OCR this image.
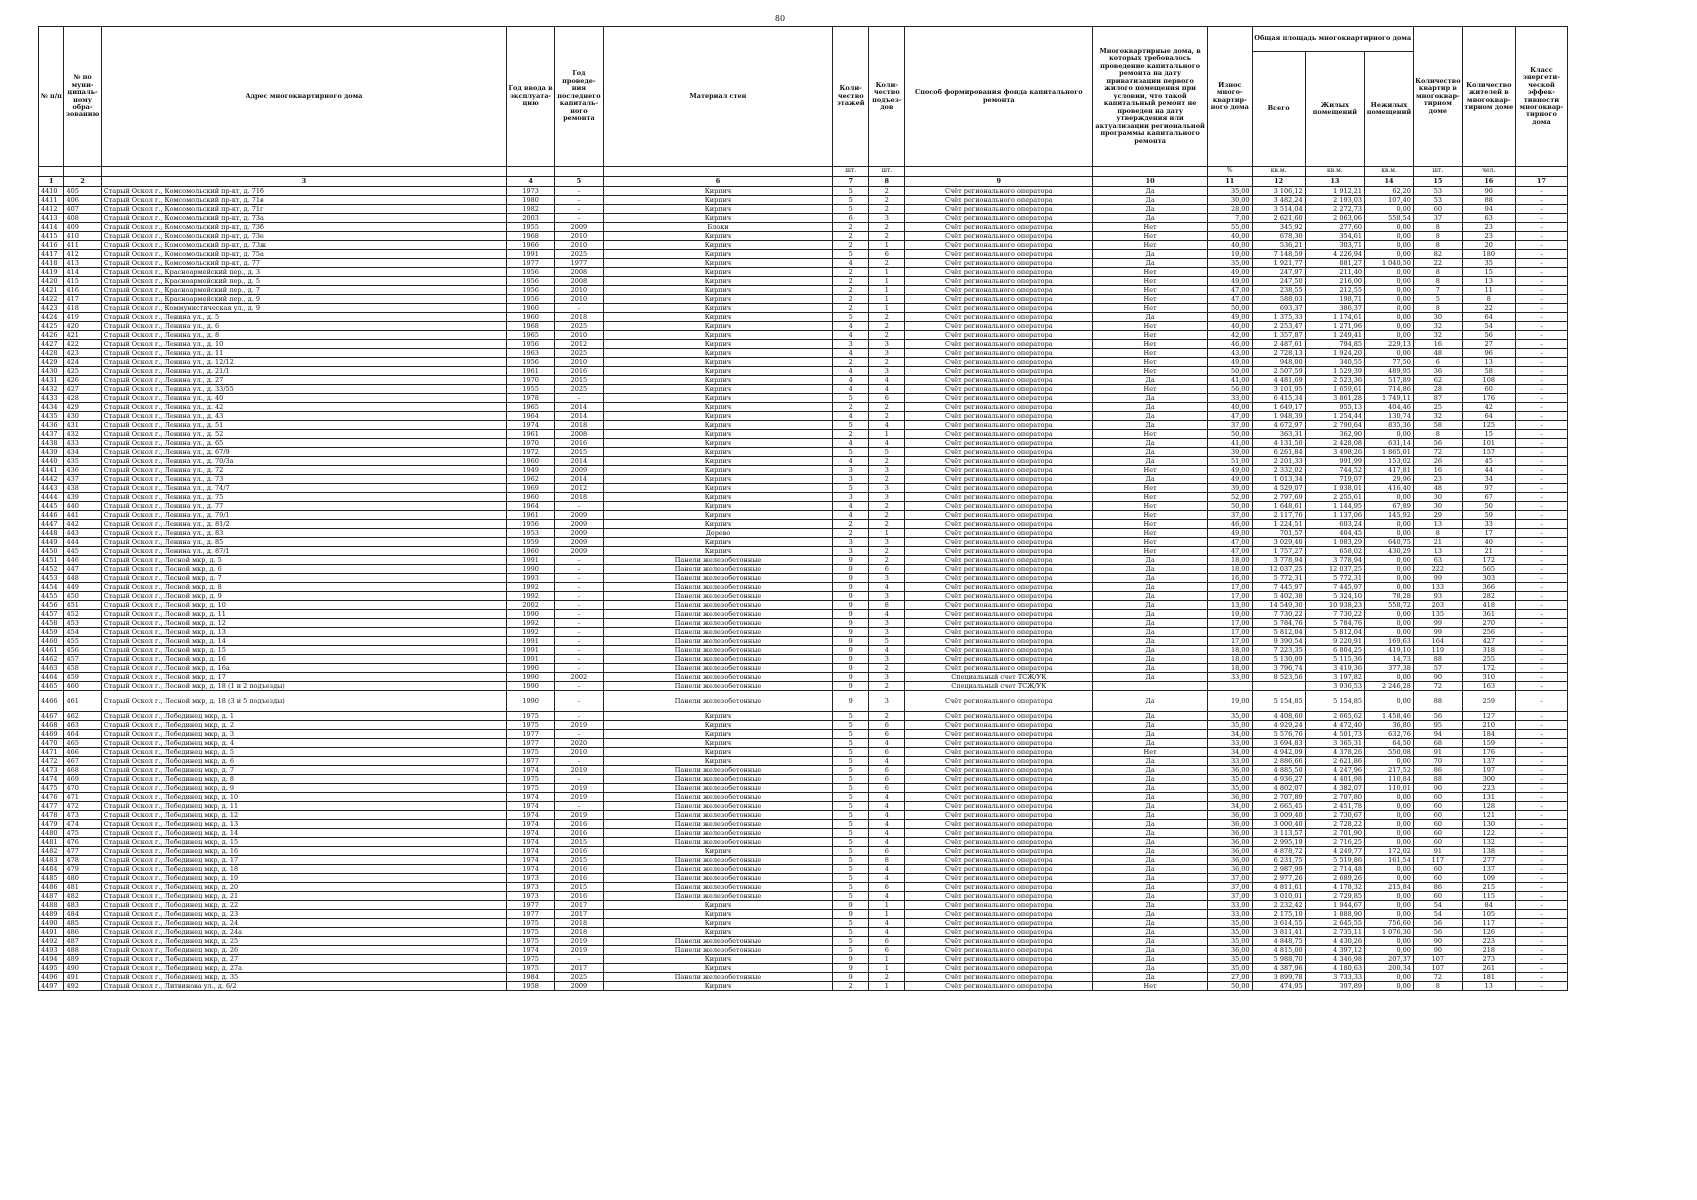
80
№ п/п	№ по муни-ципаль-ному обра-зованию	Адрес многоквартирного дома	Год ввода в эксплуата-цию	Год проведе-ния последнего капиталь-ного ремонта	Материал стен	Коли-чество этажей	Коли-чество подъез-дов	Способ формирования фонда капитального ремонта	Многоквартирные дома, в которых требовалось проведение капитального ремонта на дату приватизации первого жилого помещения при условии, что такой капитальный ремонт не проведен на дату утверждения или актуализации региональной программы капитального ремонта	Износ много-квартир-ного дома	Общая площадь многоквартирного дома			Количество квартир в многоквар-тирном доме	Количество жителей в многоквар-тирном доме	Класс энергети-ческой эффек-тивности многоквар-тирного дома
											Всего	Жилых помещений	Нежилых помещений			
						шт.	шт.			%	кв.м.	кв.м.	кв.м.	шт.	чел.	
1	2	3	4	5	6	7	8	9	10	11	12	13	14	15	16	17
4410	405	Старый Оскол г., Комсомольский пр-кт, д. 71б	1973	-	Кирпич	5	2	Счёт регионального оператора	Да	35,00	3 106,12	1 912,21	62,20	53	90	-
4411	406	Старый Оскол г., Комсомольский пр-кт, д. 71в	1980	-	Кирпич	5	2	Счёт регионального оператора	Да	30,00	3 482,24	2 193,03	107,40	53	88	-
4412	407	Старый Оскол г., Комсомольский пр-кт, д. 71г	1982	-	Кирпич	5	2	Счёт регионального оператора	Да	28,00	3 514,04	2 272,73	0,00	60	94	-
4413	408	Старый Оскол г., Комсомольский пр-кт, д. 73а	2003	-	Кирпич	6	3	Счёт регионального оператора	Да	7,00	2 621,60	2 063,06	558,54	37	63	-
4414	409	Старый Оскол г., Комсомольский пр-кт, д. 73б	1955	2009	Блоки	2	2	Счёт регионального оператора	Нет	55,00	345,92	277,60	0,00	8	23	-
4415	410	Старый Оскол г., Комсомольский пр-кт, д. 73е	1968	2010	Кирпич	2	2	Счёт регионального оператора	Нет	40,00	678,30	354,61	0,00	8	23	-
4416	411	Старый Оскол г., Комсомольский пр-кт, д. 73ж	1966	2010	Кирпич	2	1	Счёт регионального оператора	Нет	40,00	536,21	303,71	0,00	8	20	-
4417	412	Старый Оскол г., Комсомольский пр-кт, д. 75а	1991	2025	Кирпич	5	6	Счёт регионального оператора	Да	19,00	7 148,59	4 226,94	0,00	82	180	-
4418	413	Старый Оскол г., Комсомольский пр-кт, д. 77	1977	1977	Кирпич	4	2	Счёт регионального оператора	Да	35,00	1 921,77	881,27	1 040,50	22	35	-
4419	414	Старый Оскол г., Красноармейский пер., д. 3	1956	2008	Кирпич	2	1	Счёт регионального оператора	Нет	49,00	247,97	211,40	0,00	8	15	-
4420	415	Старый Оскол г., Красноармейский пер., д. 5	1956	2008	Кирпич	2	1	Счёт регионального оператора	Нет	49,00	247,50	216,00	0,00	8	13	-
4421	416	Старый Оскол г., Красноармейский пер., д. 7	1956	2010	Кирпич	2	1	Счёт регионального оператора	Нет	47,00	238,55	212,55	0,00	7	11	-
4422	417	Старый Оскол г., Красноармейский пер., д. 9	1956	2010	Кирпич	2	1	Счёт регионального оператора	Нет	47,00	588,03	198,71	0,00	5	8	-
4423	418	Старый Оскол г., Коммунистическая ул., д. 9	1960	-	Кирпич	2	1	Счёт регионального оператора	Нет	50,00	693,37	386,37	0,00	8	22	-
4424	419	Старый Оскол г., Ленина ул., д. 5	1960	2018	Кирпич	5	2	Счёт регионального оператора	Да	49,00	1 375,33	1 174,61	0,00	30	64	-
4425	420	Старый Оскол г., Ленина ул., д. 6	1968	2025	Кирпич	4	2	Счёт регионального оператора	Нет	40,00	2 253,47	1 271,96	0,00	32	54	-
4426	421	Старый Оскол г., Ленина ул., д. 8	1965	2010	Кирпич	4	2	Счёт регионального оператора	Нет	42,00	1 357,87	1 249,41	0,00	32	56	-
4427	422	Старый Оскол г., Ленина ул., д. 10	1956	2012	Кирпич	3	3	Счёт регионального оператора	Нет	46,00	2 487,61	794,85	229,13	16	27	-
4428	423	Старый Оскол г., Ленина ул., д. 11	1963	2025	Кирпич	4	3	Счёт регионального оператора	Нет	43,00	2 728,13	1 924,20	0,00	48	96	-
4429	424	Старый Оскол г., Ленина ул., д. 12/12	1956	2010	Кирпич	2	2	Счёт регионального оператора	Нет	49,00	948,00	340,55	77,50	6	13	-
4430	425	Старый Оскол г., Ленина ул., д. 21/1	1961	2016	Кирпич	4	3	Счёт регионального оператора	Нет	50,00	2 507,59	1 529,39	489,95	36	58	-
4431	426	Старый Оскол г., Ленина ул., д. 27	1970	2015	Кирпич	4	4	Счёт регионального оператора	Да	41,00	4 481,69	2 523,36	517,89	62	108	-
4432	427	Старый Оскол г., Ленина ул., д. 33/55	1955	2025	Кирпич	4	4	Счёт регионального оператора	Нет	56,00	3 101,95	1 659,61	714,86	28	60	-
4433	428	Старый Оскол г., Ленина ул., д. 40	1978	-	Кирпич	5	6	Счёт регионального оператора	Да	33,00	6 415,34	3 861,28	1 749,11	87	176	-
4434	429	Старый Оскол г., Ленина ул., д. 42	1965	2014	Кирпич	2	2	Счёт регионального оператора	Да	40,00	1 649,17	955,13	404,46	25	42	-
4435	430	Старый Оскол г., Ленина ул., д. 43	1964	2014	Кирпич	4	2	Счёт регионального оператора	Да	47,00	1 948,39	1 254,44	130,74	32	64	-
4436	431	Старый Оскол г., Ленина ул., д. 51	1974	2018	Кирпич	5	4	Счёт регионального оператора	Да	37,00	4 672,97	2 790,64	835,36	58	125	-
4437	432	Старый Оскол г., Ленина ул., д. 52	1961	2008	Кирпич	2	1	Счёт регионального оператора	Нет	50,00	363,31	362,90	0,00	8	15	-
4438	433	Старый Оскол г., Ленина ул., д. 65	1970	2016	Кирпич	4	4	Счёт регионального оператора	Да	41,00	4 131,50	2 428,08	631,14	56	101	-
4439	434	Старый Оскол г., Ленина ул., д. 67/9	1972	2015	Кирпич	5	5	Счёт регионального оператора	Да	39,00	6 261,84	3 498,26	1 865,01	72	157	-
4440	435	Старый Оскол г., Ленина ул., д. 70/3а	1960	2014	Кирпич	4	2	Счёт регионального оператора	Да	51,00	2 201,33	991,99	153,02	26	45	-
4441	436	Старый Оскол г., Ленина ул., д. 72	1949	2009	Кирпич	3	3	Счёт регионального оператора	Нет	49,00	2 332,02	744,52	417,81	16	44	-
4442	437	Старый Оскол г., Ленина ул., д. 73	1962	2014	Кирпич	3	2	Счёт регионального оператора	Да	49,00	1 013,34	719,07	29,96	23	34	-
4443	438	Старый Оскол г., Ленина ул., д. 74/7	1969	2012	Кирпич	5	3	Счёт регионального оператора	Нет	39,00	4 529,07	1 938,01	416,40	48	97	-
4444	439	Старый Оскол г., Ленина ул., д. 75	1960	2018	Кирпич	3	3	Счёт регионального оператора	Нет	52,00	2 797,69	2 255,61	0,00	30	67	-
4445	440	Старый Оскол г., Ленина ул., д. 77	1964	-	Кирпич	4	2	Счёт регионального оператора	Нет	50,00	1 648,61	1 144,95	67,89	30	50	-
4446	441	Старый Оскол г., Ленина ул., д. 79/1	1961	2009	Кирпич	4	2	Счёт регионального оператора	Нет	37,00	2 117,76	1 137,06	145,92	29	59	-
4447	442	Старый Оскол г., Ленина ул., д. 81/2	1956	2009	Кирпич	2	2	Счёт регионального оператора	Нет	46,00	1 224,51	603,24	0,00	13	33	-
4448	443	Старый Оскол г., Ленина ул., д. 83	1953	2009	Дерево	2	1	Счёт регионального оператора	Нет	49,00	701,57	404,45	0,00	8	17	-
4449	444	Старый Оскол г., Ленина ул., д. 85	1959	2009	Кирпич	3	3	Счёт регионального оператора	Нет	47,00	3 029,40	1 083,29	640,75	21	40	-
4450	445	Старый Оскол г., Ленина ул., д. 87/1	1960	2009	Кирпич	3	2	Счёт регионального оператора	Нет	47,00	1 757,27	658,02	430,29	13	21	-
4451	446	Старый Оскол г., Лесной мкр, д. 5	1991	-	Панели железобетонные	9	2	Счёт регионального оператора	Да	18,00	3 778,94	3 778,94	0,00	63	172	-
4452	447	Старый Оскол г., Лесной мкр, д. 6	1990	-	Панели железобетонные	9	6	Счёт регионального оператора	Да	18,00	12 037,25	12 037,25	0,00	222	565	-
4453	448	Старый Оскол г., Лесной мкр, д. 7	1993	-	Панели железобетонные	9	3	Счёт регионального оператора	Да	16,00	5 772,31	5 772,31	0,00	99	303	-
4454	449	Старый Оскол г., Лесной мкр, д. 8	1992	-	Панели железобетонные	9	4	Счёт регионального оператора	Да	17,00	7 445,97	7 445,97	0,00	133	366	-
4455	450	Старый Оскол г., Лесной мкр, д. 9	1992	-	Панели железобетонные	9	3	Счёт регионального оператора	Да	17,00	5 402,38	5 324,10	78,28	93	282	-
4456	451	Старый Оскол г., Лесной мкр, д. 10	2002	-	Панели железобетонные	9	8	Счёт регионального оператора	Да	13,00	14 549,30	10 938,23	558,72	203	418	-
4457	452	Старый Оскол г., Лесной мкр, д. 11	1990	-	Панели железобетонные	9	4	Счёт регионального оператора	Да	19,00	7 730,22	7 730,22	0,00	135	361	-
4458	453	Старый Оскол г., Лесной мкр, д. 12	1992	-	Панели железобетонные	9	3	Счёт регионального оператора	Да	17,00	5 784,76	5 784,76	0,00	99	270	-
4459	454	Старый Оскол г., Лесной мкр, д. 13	1992	-	Панели железобетонные	9	3	Счёт регионального оператора	Да	17,00	5 812,04	5 812,04	0,00	99	256	-
4460	455	Старый Оскол г., Лесной мкр, д. 14	1991	-	Панели железобетонные	9	5	Счёт регионального оператора	Да	17,00	9 390,54	9 220,91	169,63	164	427	-
4461	456	Старый Оскол г., Лесной мкр, д. 15	1991	-	Панели железобетонные	9	4	Счёт регионального оператора	Да	18,00	7 223,35	6 804,25	419,10	119	318	-
4462	457	Старый Оскол г., Лесной мкр, д. 16	1991	-	Панели железобетонные	9	3	Счёт регионального оператора	Да	18,00	5 130,09	5 115,36	14,73	88	255	-
4463	458	Старый Оскол г., Лесной мкр, д. 16а	1990	-	Панели железобетонные	9	2	Счёт регионального оператора	Да	18,00	3 796,74	3 419,36	377,38	57	172	-
4464	459	Старый Оскол г., Лесной мкр, д. 17	1990	2002	Панели железобетонные	9	3	Специальный счет ТСЖ/УК	Да	33,00	8 523,56	3 197,82	0,00	90	310	-
4465	460	Старый Оскол г., Лесной мкр, д. 18 (1 и 2 подъезды)	1990	-	Панели железобетонные	9	2	Специальный счет ТСЖ/УК				3 936,53	2 246,28	72	163	-
4466	461	Старый Оскол г., Лесной мкр, д. 18 (3 и 5 подъезды)	1990	-	Панели железобетонные	9	3	Счёт регионального оператора	Да	19,00	5 154,85	5 154,85	0,00	88	259	-
4467	462	Старый Оскол г., Лебединец мкр, д. 1	1975	-	Кирпич	5	2	Счёт регионального оператора	Да	35,00	4 408,60	2 665,62	1 458,46	56	127	-
4468	463	Старый Оскол г., Лебединец мкр, д. 2	1975	2019	Кирпич	5	6	Счёт регионального оператора	Да	35,00	4 929,24	4 472,40	36,80	95	210	-
4469	464	Старый Оскол г., Лебединец мкр, д. 3	1977	-	Кирпич	5	6	Счёт регионального оператора	Да	34,00	5 576,76	4 501,73	632,76	94	184	-
4470	465	Старый Оскол г., Лебединец мкр, д. 4	1977	2020	Кирпич	5	4	Счёт регионального оператора	Да	33,00	3 694,83	3 365,31	64,50	68	159	-
4471	466	Старый Оскол г., Лебединец мкр, д. 5	1975	2010	Кирпич	5	6	Счёт регионального оператора	Нет	34,00	4 942,09	4 378,26	550,08	91	176	-
4472	467	Старый Оскол г., Лебединец мкр, д. 6	1977	-	Кирпич	5	4	Счёт регионального оператора	Да	33,00	2 886,66	2 621,86	0,00	70	137	-
4473	468	Старый Оскол г., Лебединец мкр, д. 7	1974	2019	Панели железобетонные	5	6	Счёт регионального оператора	Да	36,00	4 885,50	4 247,96	217,52	86	197	-
4474	469	Старый Оскол г., Лебединец мкр, д. 8	1975	-	Панели железобетонные	5	6	Счёт регионального оператора	Да	35,00	4 936,27	4 401,98	110,84	88	300	-
4475	470	Старый Оскол г., Лебединец мкр, д. 9	1975	2019	Панели железобетонные	5	6	Счёт регионального оператора	Да	35,00	4 802,07	4 382,07	110,01	90	223	-
4476	471	Старый Оскол г., Лебединец мкр, д. 10	1974	2019	Панели железобетонные	5	4	Счёт регионального оператора	Да	36,00	2 707,89	2 707,80	0,00	60	131	-
4477	472	Старый Оскол г., Лебединец мкр, д. 11	1974	-	Панели железобетонные	5	4	Счёт регионального оператора	Да	34,00	2 665,45	2 451,78	0,00	60	128	-
4478	473	Старый Оскол г., Лебединец мкр, д. 12	1974	2019	Панели железобетонные	5	4	Счёт регионального оператора	Да	36,00	3 009,40	2 730,67	0,00	60	121	-
4479	474	Старый Оскол г., Лебединец мкр, д. 13	1974	2016	Панели железобетонные	5	4	Счёт регионального оператора	Да	36,00	3 000,40	2 728,22	0,00	60	130	-
4480	475	Старый Оскол г., Лебединец мкр, д. 14	1974	2016	Панели железобетонные	5	4	Счёт регионального оператора	Да	36,00	3 113,57	2 701,90	0,00	60	122	-
4481	476	Старый Оскол г., Лебединец мкр, д. 15	1974	2015	Панели железобетонные	5	4	Счёт регионального оператора	Да	36,00	2 995,19	2 716,25	0,00	60	132	-
4482	477	Старый Оскол г., Лебединец мкр, д. 16	1974	2016	Кирпич	5	6	Счёт регионального оператора	Да	36,00	4 878,72	4 249,77	172,02	91	138	-
4483	478	Старый Оскол г., Лебединец мкр, д. 17	1974	2015	Панели железобетонные	5	8	Счёт регионального оператора	Да	36,00	6 231,75	5 519,86	161,54	117	277	-
4484	479	Старый Оскол г., Лебединец мкр, д. 18	1974	2016	Панели железобетонные	5	4	Счёт регионального оператора	Да	36,00	2 987,99	2 714,48	0,00	60	137	-
4485	480	Старый Оскол г., Лебединец мкр, д. 19	1973	2016	Панели железобетонные	5	4	Счёт регионального оператора	Да	37,00	2 977,26	2 689,26	0,00	60	109	-
4486	481	Старый Оскол г., Лебединец мкр, д. 20	1973	2015	Панели железобетонные	5	6	Счёт регионального оператора	Да	37,00	4 811,61	4 178,32	215,84	86	215	-
4487	482	Старый Оскол г., Лебединец мкр, д. 21	1973	2016	Панели железобетонные	5	4	Счёт регионального оператора	Да	37,00	3 010,01	2 729,85	0,00	60	115	-
4488	483	Старый Оскол г., Лебединец мкр, д. 22	1977	2017	Кирпич	9	1	Счёт регионального оператора	Да	33,00	2 232,42	1 944,67	0,00	54	84	-
4489	484	Старый Оскол г., Лебединец мкр, д. 23	1977	2017	Кирпич	9	1	Счёт регионального оператора	Да	33,00	2 175,10	1 888,90	0,00	54	105	-
4490	485	Старый Оскол г., Лебединец мкр, д. 24	1975	2018	Кирпич	5	4	Счёт регионального оператора	Да	35,00	3 614,55	2 645,55	756,60	56	117	-
4491	486	Старый Оскол г., Лебединец мкр, д. 24а	1975	2018	Кирпич	5	4	Счёт регионального оператора	Да	35,00	3 811,41	2 735,11	1 076,30	56	126	-
4492	487	Старый Оскол г., Лебединец мкр, д. 25	1975	2019	Панели железобетонные	5	6	Счёт регионального оператора	Да	35,00	4 848,75	4 430,26	0,00	90	223	-
4493	488	Старый Оскол г., Лебединец мкр, д. 26	1974	2019	Панели железобетонные	5	6	Счёт регионального оператора	Да	36,00	4 815,00	4 397,12	0,00	90	218	-
4494	489	Старый Оскол г., Лебединец мкр, д. 27	1975	-	Кирпич	9	1	Счёт регионального оператора	Да	35,00	5 988,70	4 346,98	207,37	107	273	-
4495	490	Старый Оскол г., Лебединец мкр, д. 27а	1975	2017	Кирпич	9	1	Счёт регионального оператора	Да	35,00	4 387,96	4 180,63	200,34	107	261	-
4496	491	Старый Оскол г., Лебединец мкр, д. 35	1984	2025	Панели железобетонные	9	2	Счёт регионального оператора	Да	27,00	3 899,78	3 733,33	0,00	72	181	-
4497	492	Старый Оскол г., Литвинова ул., д. 6/2	1958	2009	Кирпич	2	1	Счёт регионального оператора	Нет	50,00	474,95	397,89	0,00	8	13	-
